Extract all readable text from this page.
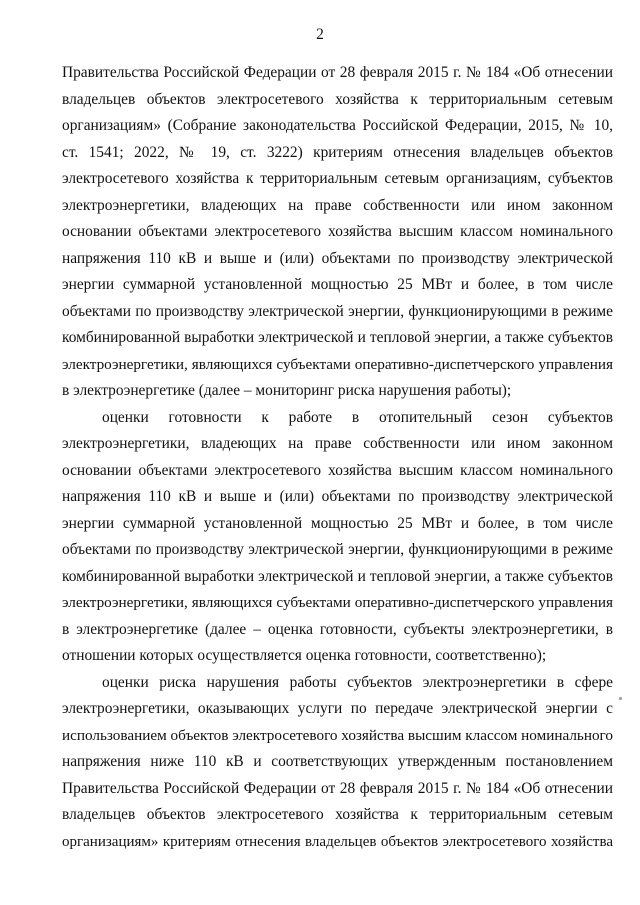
2
Правительства Российской Федерации от 28 февраля 2015 г. № 184 «Об отнесении
владельцев объектов электросетевого хозяйства к территориальным сетевым
организациям» (Собрание законодательства Российской Федерации, 2015, № 10,
ст. 1541; 2022, № 19, ст. 3222) критериям отнесения владельцев объектов
электросетевого хозяйства к территориальным сетевым организациям, субъектов
электроэнергетики, владеющих на праве собственности или ином законном
основании объектами электросетевого хозяйства высшим классом номинального
напряжения 110 кВ и выше и (или) объектами по производству электрической
энергии суммарной установленной мощностью 25 МВт и более, в том числе
объектами по производству электрической энергии, функционирующими в режиме
комбинированной выработки электрической и тепловой энергии, а также субъектов
электроэнергетики, являющихся субъектами оперативно-диспетчерского управления
в электроэнергетике (далее – мониторинг риска нарушения работы);
оценки готовности к работе в отопительный сезон субъектов
электроэнергетики, владеющих на праве собственности или ином законном
основании объектами электросетевого хозяйства высшим классом номинального
напряжения 110 кВ и выше и (или) объектами по производству электрической
энергии суммарной установленной мощностью 25 МВт и более, в том числе
объектами по производству электрической энергии, функционирующими в режиме
комбинированной выработки электрической и тепловой энергии, а также субъектов
электроэнергетики, являющихся субъектами оперативно-диспетчерского управления
в электроэнергетике (далее – оценка готовности, субъекты электроэнергетики, в
отношении которых осуществляется оценка готовности, соответственно);
оценки риска нарушения работы субъектов электроэнергетики в сфере
электроэнергетики, оказывающих услуги по передаче электрической энергии с
использованием объектов электросетевого хозяйства высшим классом номинального
напряжения ниже 110 кВ и соответствующих утвержденным постановлением
Правительства Российской Федерации от 28 февраля 2015 г. № 184 «Об отнесении
владельцев объектов электросетевого хозяйства к территориальным сетевым
организациям» критериям отнесения владельцев объектов электросетевого хозяйства
